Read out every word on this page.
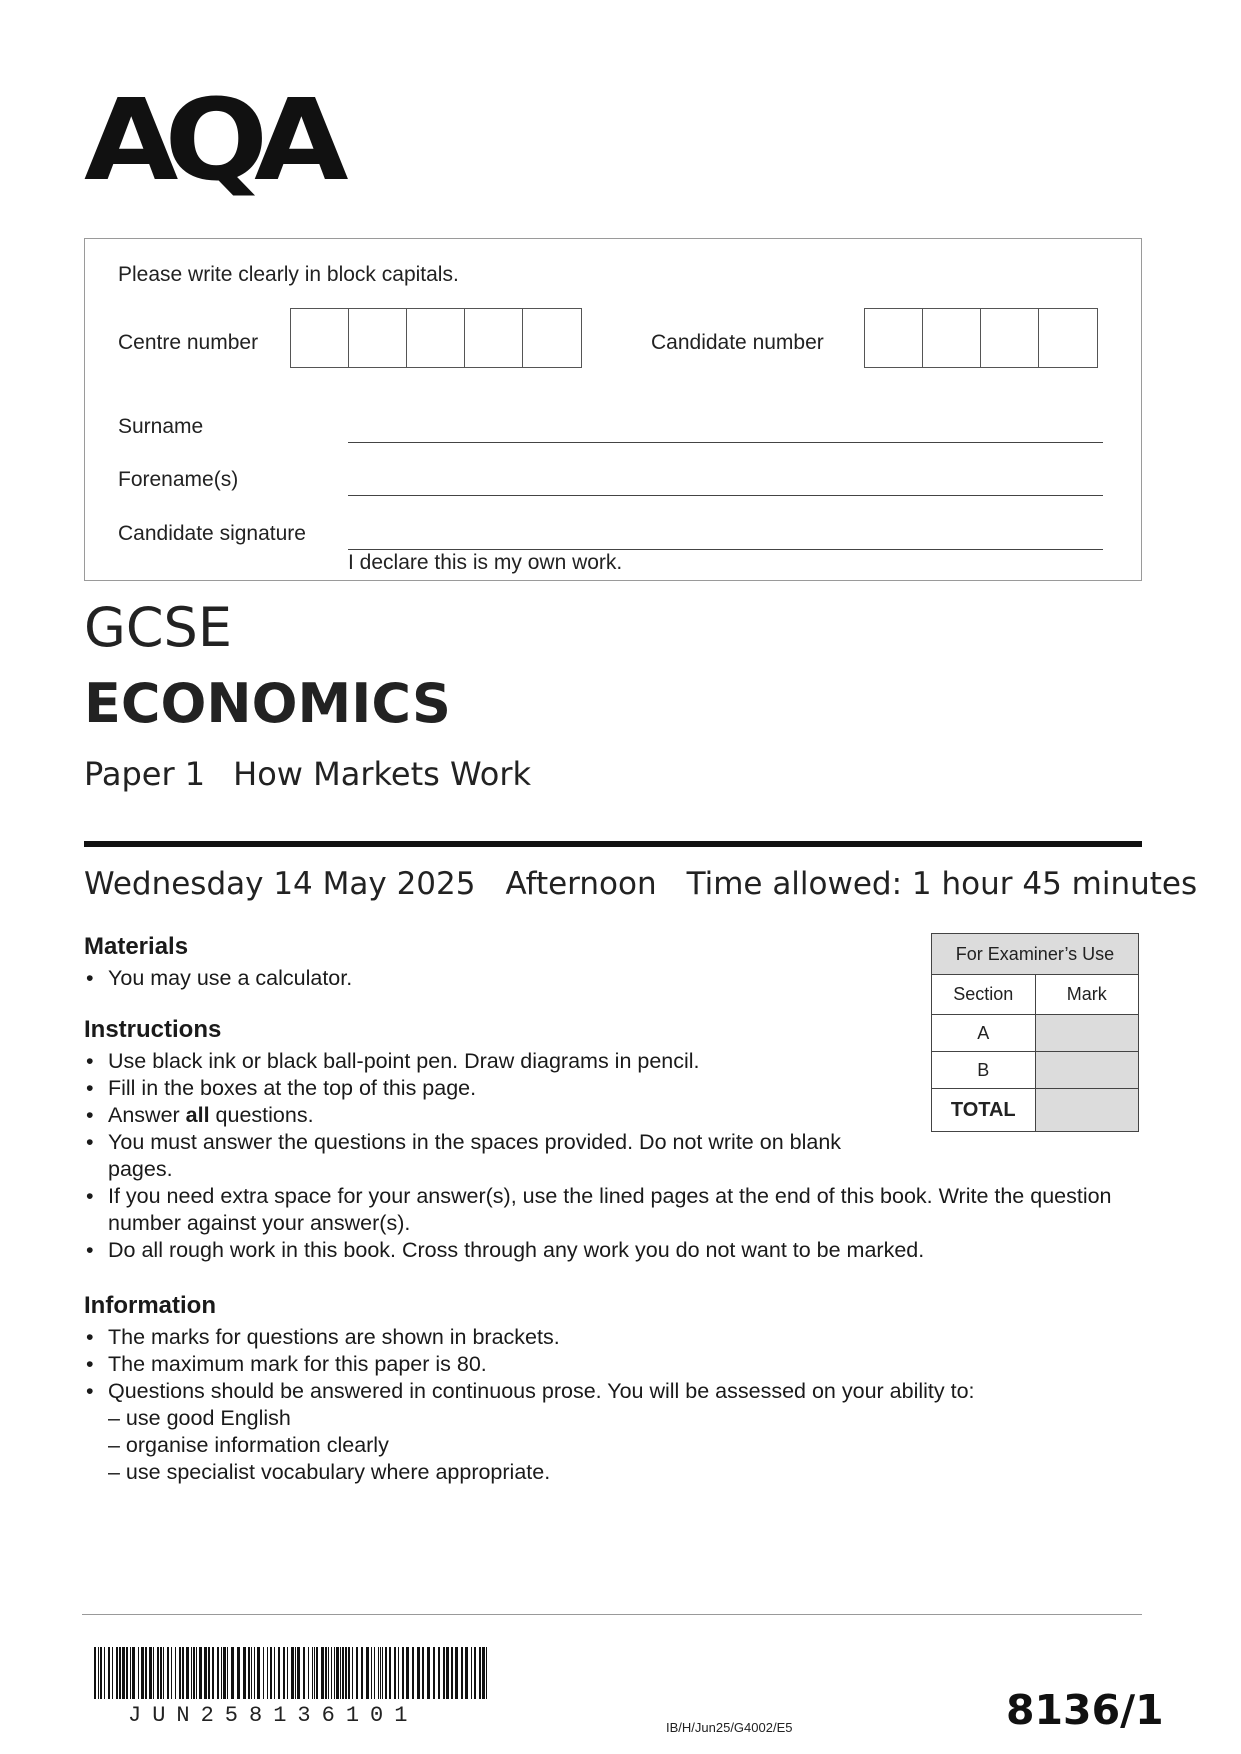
AQA
Please write clearly in block capitals.
Centre number	Candidate number
Surname
Forename(s)
Candidate signature
I declare this is my own work.
GCSE
ECONOMICS
Paper 1 How Markets Work
Wednesday 14 May 2025 Afternoon Time allowed: 1 hour 45 minutes
Materials
• You may use a calculator.
Instructions
• Use black ink or black ball-point pen. Draw diagrams in pencil.
• Fill in the boxes at the top of this page.
• Answer all questions.
• You must answer the questions in the spaces provided. Do not write on blank pages.
• If you need extra space for your answer(s), use the lined pages at the end of this book. Write the question number against your answer(s).
• Do all rough work in this book. Cross through any work you do not want to be marked.
Information
• The marks for questions are shown in brackets.
• The maximum mark for this paper is 80.
• Questions should be answered in continuous prose. You will be assessed on your ability to:
– use good English
– organise information clearly
– use specialist vocabulary where appropriate.
For Examiner’s Use	
Section	Mark
A	
B	
TOTAL	
JUN258136101	IB/H/Jun25/G4002/E5	8136/1
